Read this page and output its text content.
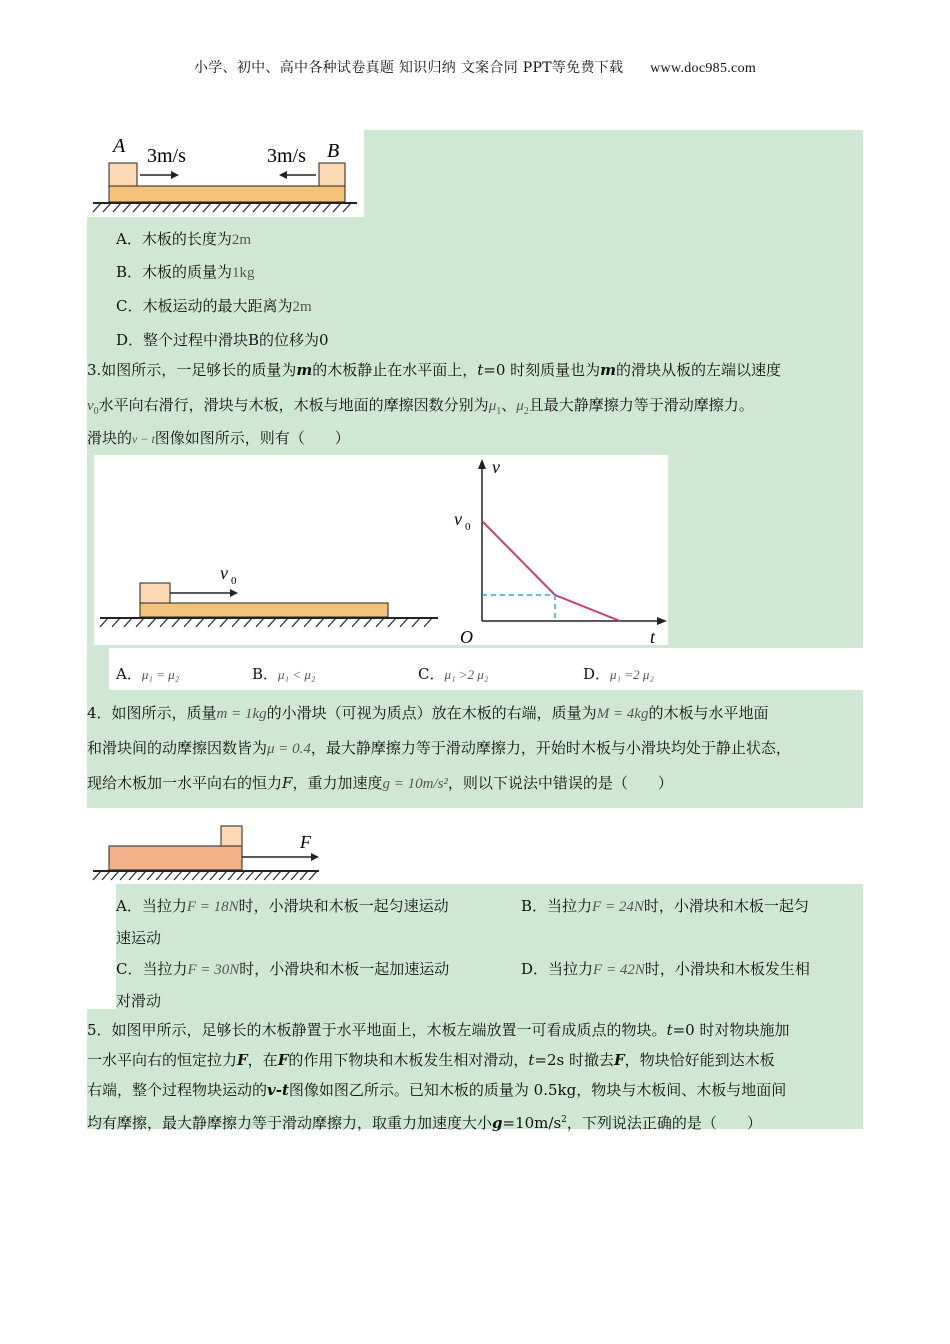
小学、初中、高中各种试卷真题 知识归纳 文案合同 PPT等免费下载 www.doc985.com
A	B
3m/s	3m/s
A．木板的长度为2m
B．木板的质量为1kg
C．木板运动的最大距离为2m
D．整个过程中滑块B的位移为0
3.如图所示，一足够长的质量为m的木板静止在水平面上，t=0 时刻质量也为m的滑块从板的左端以速度
$v_0$水平向右滑行，滑块与木板，木板与地面的摩擦因数分别为$\mu_1$、$\mu_2$且最大静摩擦力等于滑动摩擦力。
滑块的v − t图像如图所示，则有（　　）
v 0
v
t
O
v 0
A．μ₁ = μ₂	B．μ₁ < μ₂	C．μ₁ >2 μ₂	D．μ₁ =2 μ₂
4．如图所示，质量m = 1kg的小滑块（可视为质点）放在木板的右端，质量为M = 4kg的木板与水平地面
和滑块间的动摩擦因数皆为μ = 0.4，最大静摩擦力等于滑动摩擦力，开始时木板与小滑块均处于静止状态，
现给木板加一水平向右的恒力F，重力加速度g = 10m/s²，则以下说法中错误的是（　　）
F
A．当拉力F = 18N时，小滑块和木板一起匀速运动	B．当拉力F = 24N时，小滑块和木板一起匀
速运动
C．当拉力F = 30N时，小滑块和木板一起加速运动	D．当拉力F = 42N时，小滑块和木板发生相
对滑动
5．如图甲所示，足够长的木板静置于水平地面上，木板左端放置一可看成质点的物块。t=0 时对物块施加
一水平向右的恒定拉力F，在F的作用下物块和木板发生相对滑动，t=2s 时撤去F，物块恰好能到达木板
右端，整个过程物块运动的v-t图像如图乙所示。已知木板的质量为 0.5kg，物块与木板间、木板与地面间
均有摩擦，最大静摩擦力等于滑动摩擦力，取重力加速度大小$g=10m/s^2$，下列说法正确的是（　　）
